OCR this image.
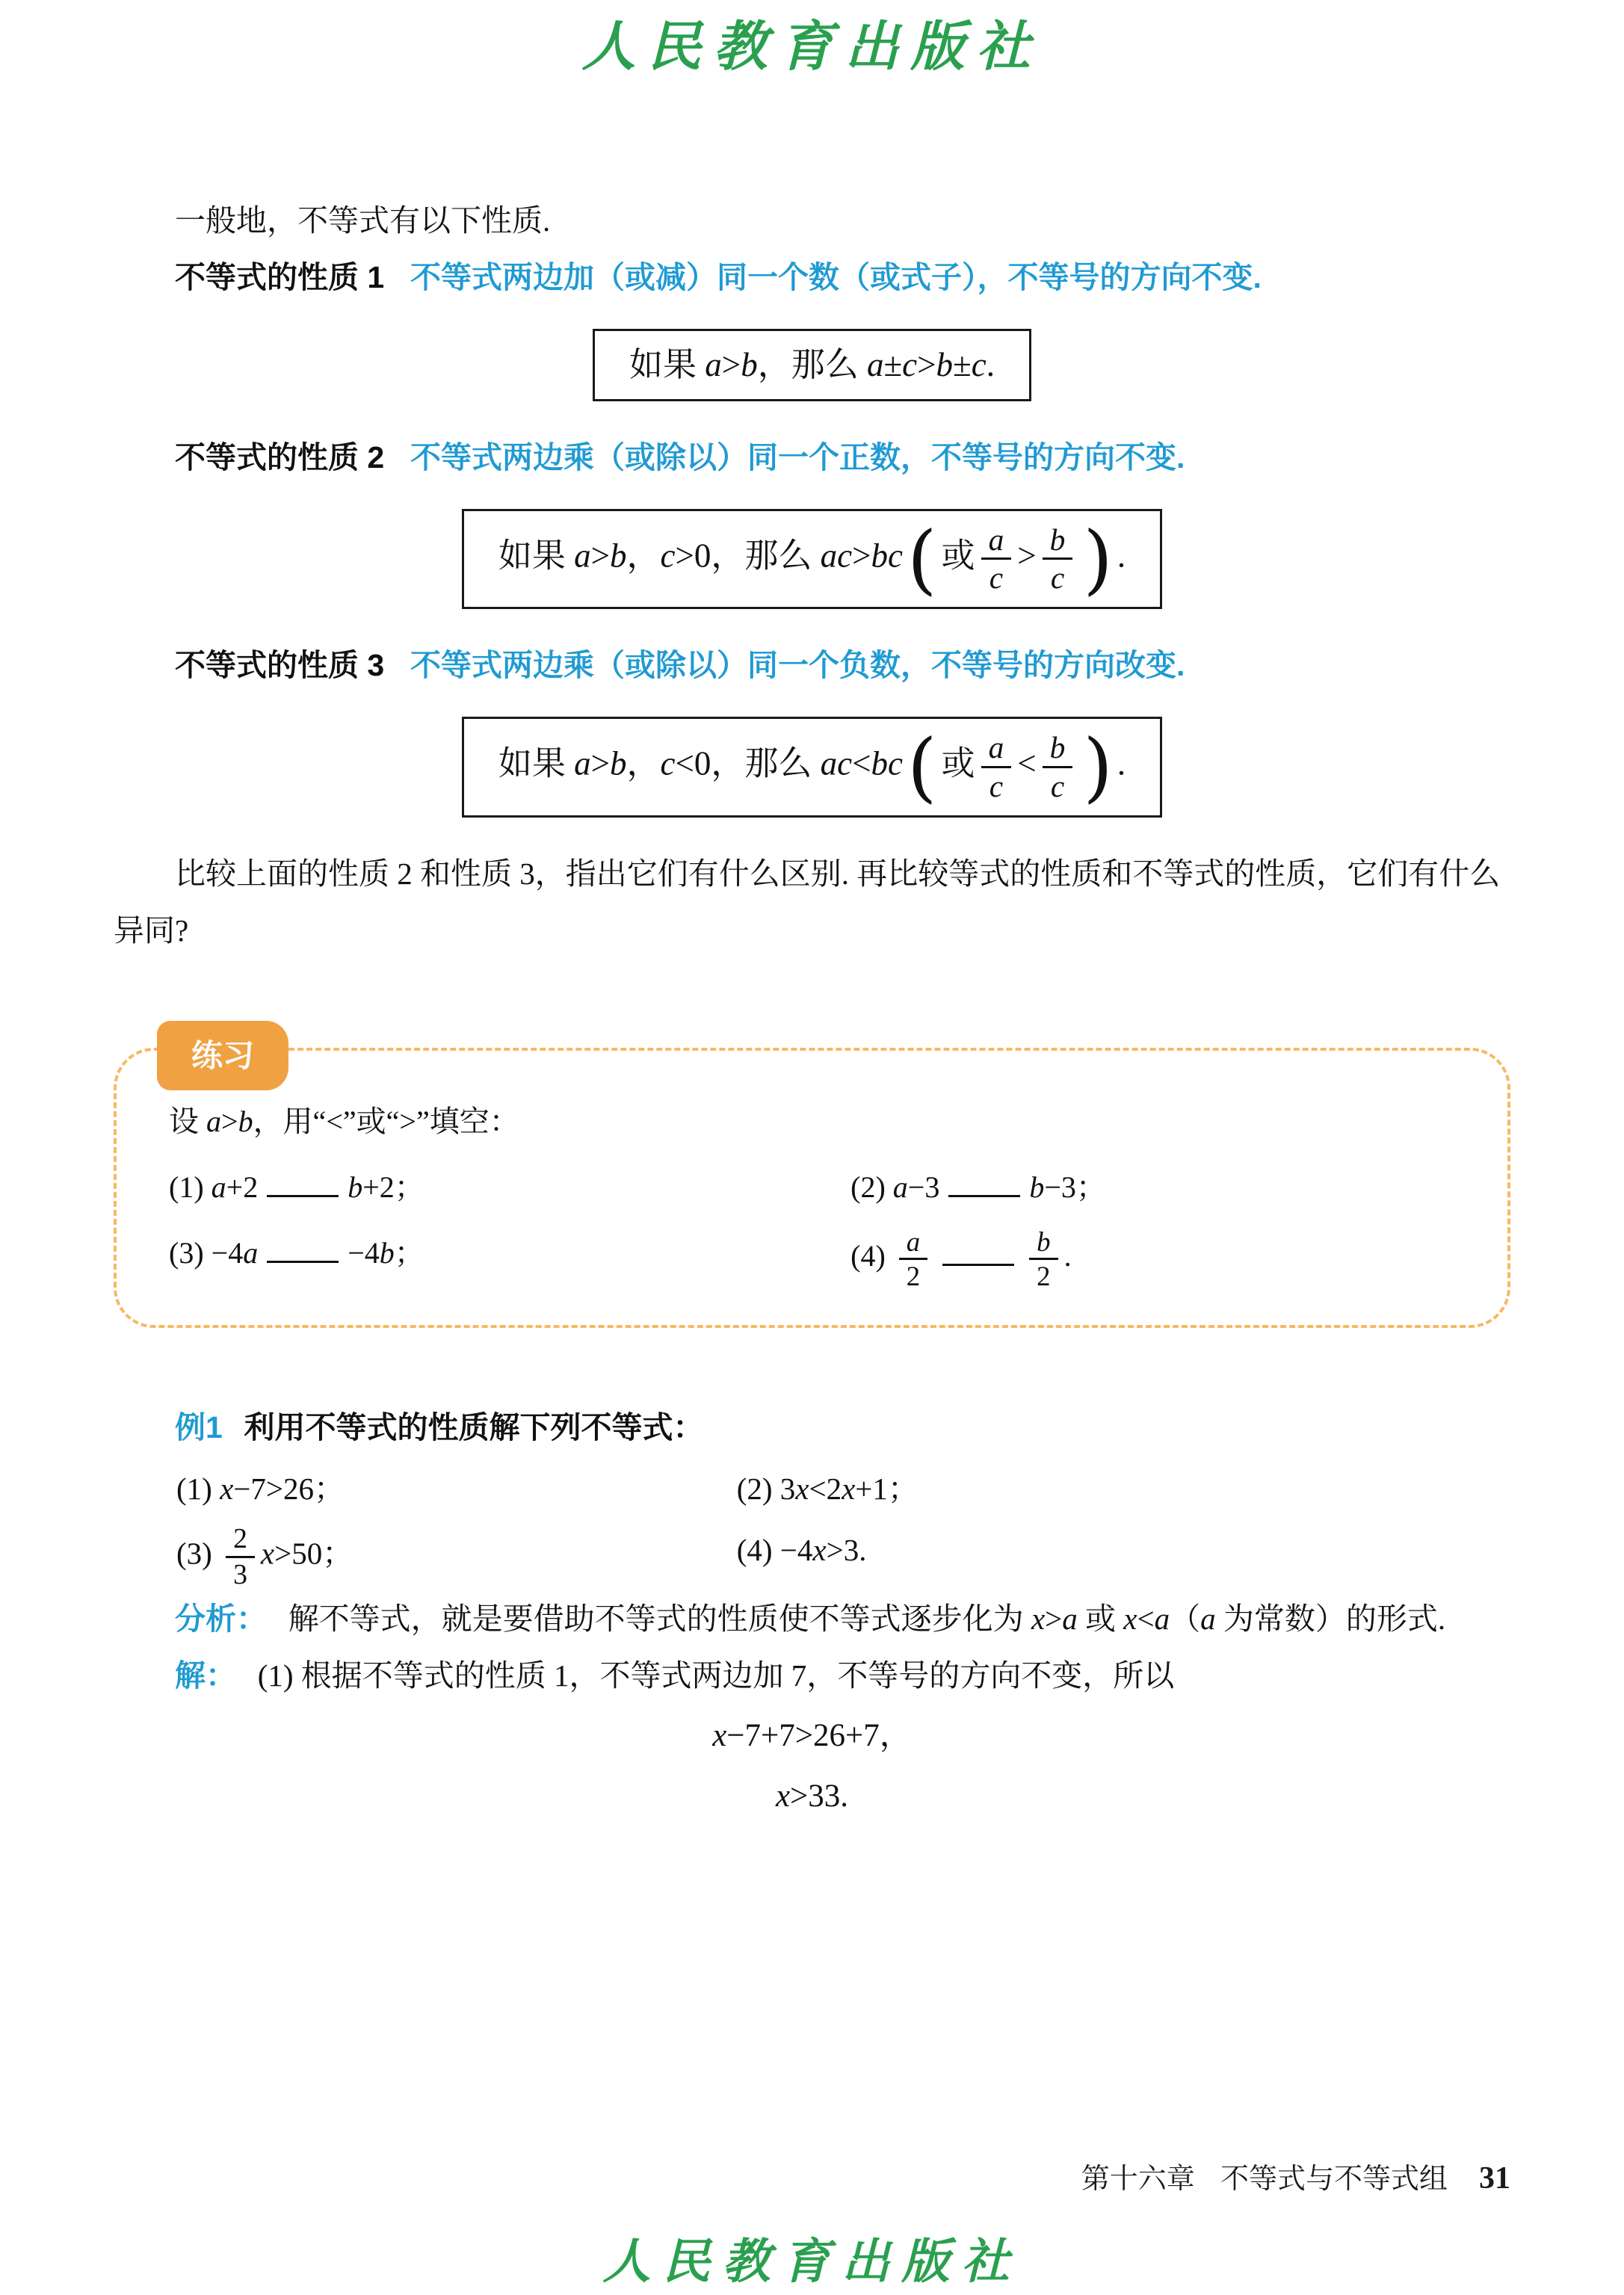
人民教育出版社

一般地，不等式有以下性质.

不等式的性质 1 不等式两边加（或减）同一个数（或式子），不等号的方向不变.

如果 a>b，那么 a±c>b±c.

不等式的性质 2 不等式两边乘（或除以）同一个正数，不等号的方向不变.

如果 a>b，c>0，那么 ac>bc( 或 $\frac{a}{c} > \frac{b}{c}$ ) .

不等式的性质 3 不等式两边乘（或除以）同一个负数，不等号的方向改变.

如果 a>b，c<0，那么 ac<bc( 或 $\frac{a}{c} < \frac{b}{c}$ ) .

比较上面的性质 2 和性质 3，指出它们有什么区别. 再比较等式的性质和不等式的性质，它们有什么异同?

练习

设 a>b，用“<”或“>”填空：

(1) a+2	b+2；	(2) a−3	b−3；

(3) −4a	−4b；	$(4) \frac{a}{2}$	$\frac{b}{2}$ .

例1 利用不等式的性质解下列不等式：

(1) x−7>26；	(2) 3x<2x+1；

$(3) \frac{2}{3} x>50$；	(4) −4x>3.

分析： 解不等式，就是要借助不等式的性质使不等式逐步化为 x>a 或 x<a（a 为常数）的形式.

解： (1) 根据不等式的性质 1，不等式两边加 7，不等号的方向不变，所以

x−7+7>26+7，

x>33.

第十六章 不等式与不等式组 31
人民教育出版社
